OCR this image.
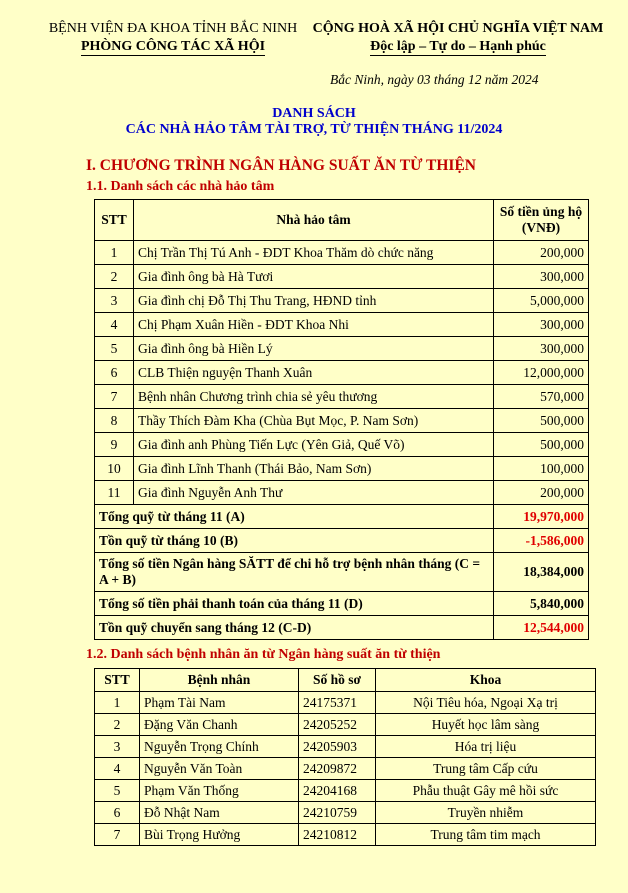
BỆNH VIỆN ĐA KHOA TỈNH BẮC NINH
PHÒNG CÔNG TÁC XÃ HỘI
CỘNG HOÀ XÃ HỘI CHỦ NGHĨA VIỆT NAM
Độc lập – Tự do – Hạnh phúc
Bắc Ninh, ngày 03 tháng 12 năm 2024
DANH SÁCH
CÁC NHÀ HẢO TÂM TÀI TRỢ, TỪ THIỆN THÁNG 11/2024
I. CHƯƠNG TRÌNH NGÂN HÀNG SUẤT ĂN TỪ THIỆN
1.1. Danh sách các nhà hảo tâm
STT	Nhà hảo tâm	Số tiền ủng hộ (VNĐ)
1	Chị Trần Thị Tú Anh - ĐDT Khoa Thăm dò chức năng	200,000
2	Gia đình ông bà Hà Tươi	300,000
3	Gia đình chị Đỗ Thị Thu Trang, HĐND tỉnh	5,000,000
4	Chị Phạm Xuân Hiền - ĐDT Khoa Nhi	300,000
5	Gia đình ông bà Hiền Lý	300,000
6	CLB Thiện nguyện Thanh Xuân	12,000,000
7	Bệnh nhân Chương trình chia sẻ yêu thương	570,000
8	Thầy Thích Đàm Kha (Chùa Bụt Mọc, P. Nam Sơn)	500,000
9	Gia đình anh Phùng Tiến Lực (Yên Giả, Quế Võ)	500,000
10	Gia đình Lĩnh Thanh (Thái Bảo, Nam Sơn)	100,000
11	Gia đình Nguyễn Anh Thư	200,000
Tổng quỹ từ tháng 11 (A)		19,970,000
Tồn quỹ từ tháng 10 (B)		-1,586,000
Tổng số tiền Ngân hàng SĂTT để chi hỗ trợ bệnh nhân tháng (C = A + B)		18,384,000
Tổng số tiền phải thanh toán của tháng 11 (D)		5,840,000
Tồn quỹ chuyển sang tháng 12 (C-D)		12,544,000
1.2. Danh sách bệnh nhân ăn từ Ngân hàng suất ăn từ thiện
STT	Bệnh nhân	Số hồ sơ	Khoa
1	Phạm Tài Nam	24175371	Nội Tiêu hóa, Ngoại Xạ trị
2	Đặng Văn Chanh	24205252	Huyết học lâm sàng
3	Nguyễn Trọng Chính	24205903	Hóa trị liệu
4	Nguyễn Văn Toàn	24209872	Trung tâm Cấp cứu
5	Phạm Văn Thống	24204168	Phẫu thuật Gây mê hồi sức
6	Đỗ Nhật Nam	24210759	Truyền nhiễm
7	Bùi Trọng Hưởng	24210812	Trung tâm tim mạch
